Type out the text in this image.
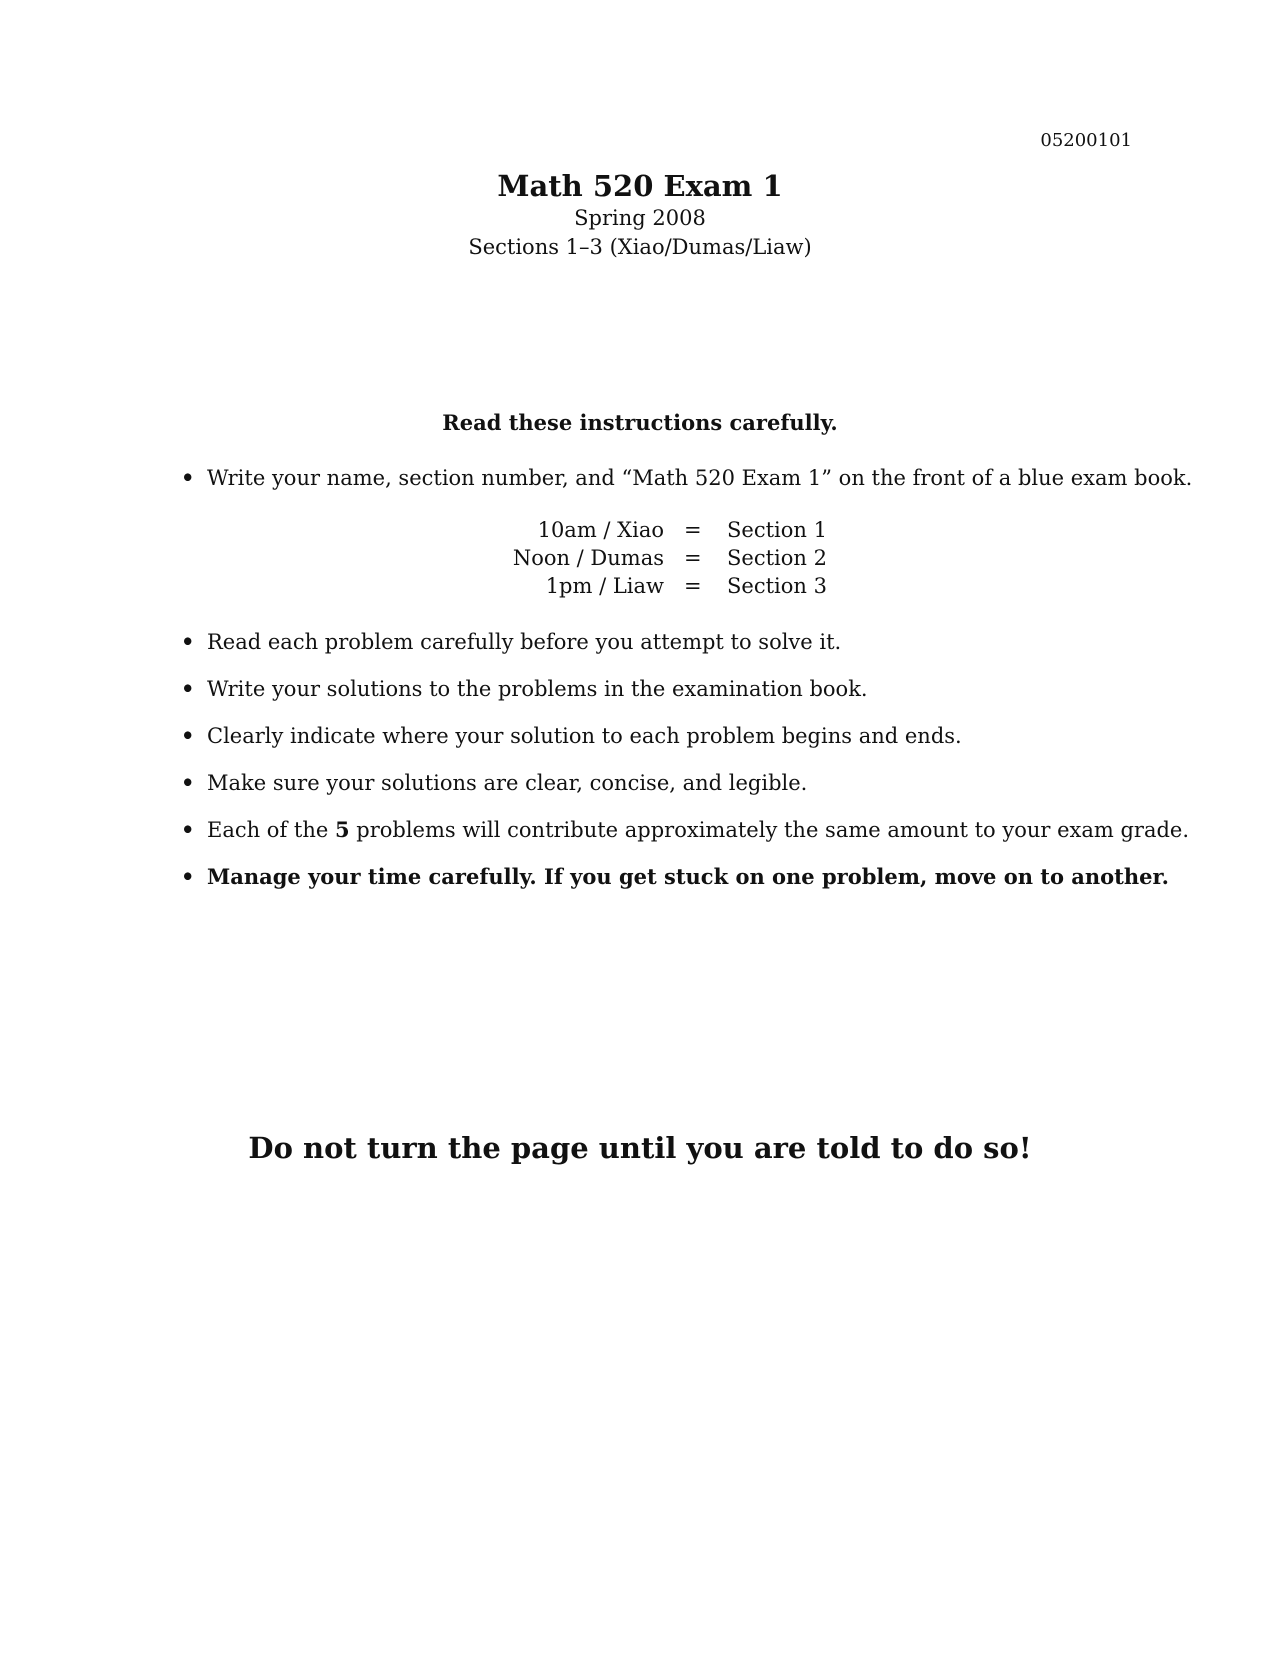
05200101
Math 520 Exam 1
Spring 2008
Sections 1–3 (Xiao/Dumas/Liaw)
Read these instructions carefully.
• Write your name, section number, and “Math 520 Exam 1” on the front of a blue exam book.
10am / Xiao = Section 1
Noon / Dumas = Section 2
1pm / Liaw = Section 3
• Read each problem carefully before you attempt to solve it.
• Write your solutions to the problems in the examination book.
• Clearly indicate where your solution to each problem begins and ends.
• Make sure your solutions are clear, concise, and legible.
• Each of the 5 problems will contribute approximately the same amount to your exam grade.
• Manage your time carefully. If you get stuck on one problem, move on to another.
Do not turn the page until you are told to do so!
